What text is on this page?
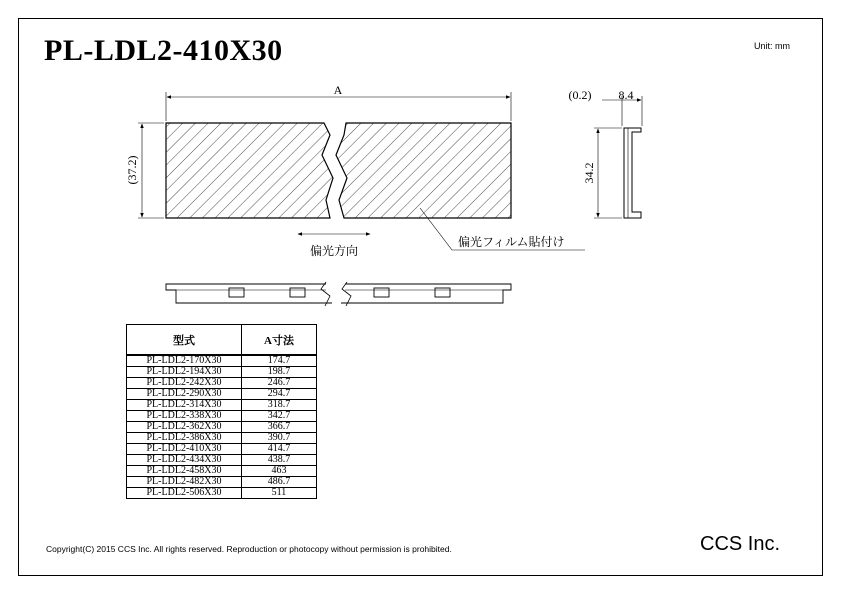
PL-LDL2-410X30	Unit: mm
A
(37.2)
(0.2) 8.4
34.2
偏光方向
偏光フィルム貼付け
型式	A寸法
PL-LDL2-170X30	174.7
PL-LDL2-194X30	198.7
PL-LDL2-242X30	246.7
PL-LDL2-290X30	294.7
PL-LDL2-314X30	318.7
PL-LDL2-338X30	342.7
PL-LDL2-362X30	366.7
PL-LDL2-386X30	390.7
PL-LDL2-410X30	414.7
PL-LDL2-434X30	438.7
PL-LDL2-458X30	463
PL-LDL2-482X30	486.7
PL-LDL2-506X30	511
Copyright(C) 2015 CCS Inc. All rights reserved. Reproduction or photocopy without permission is prohibited.	CCS Inc.
